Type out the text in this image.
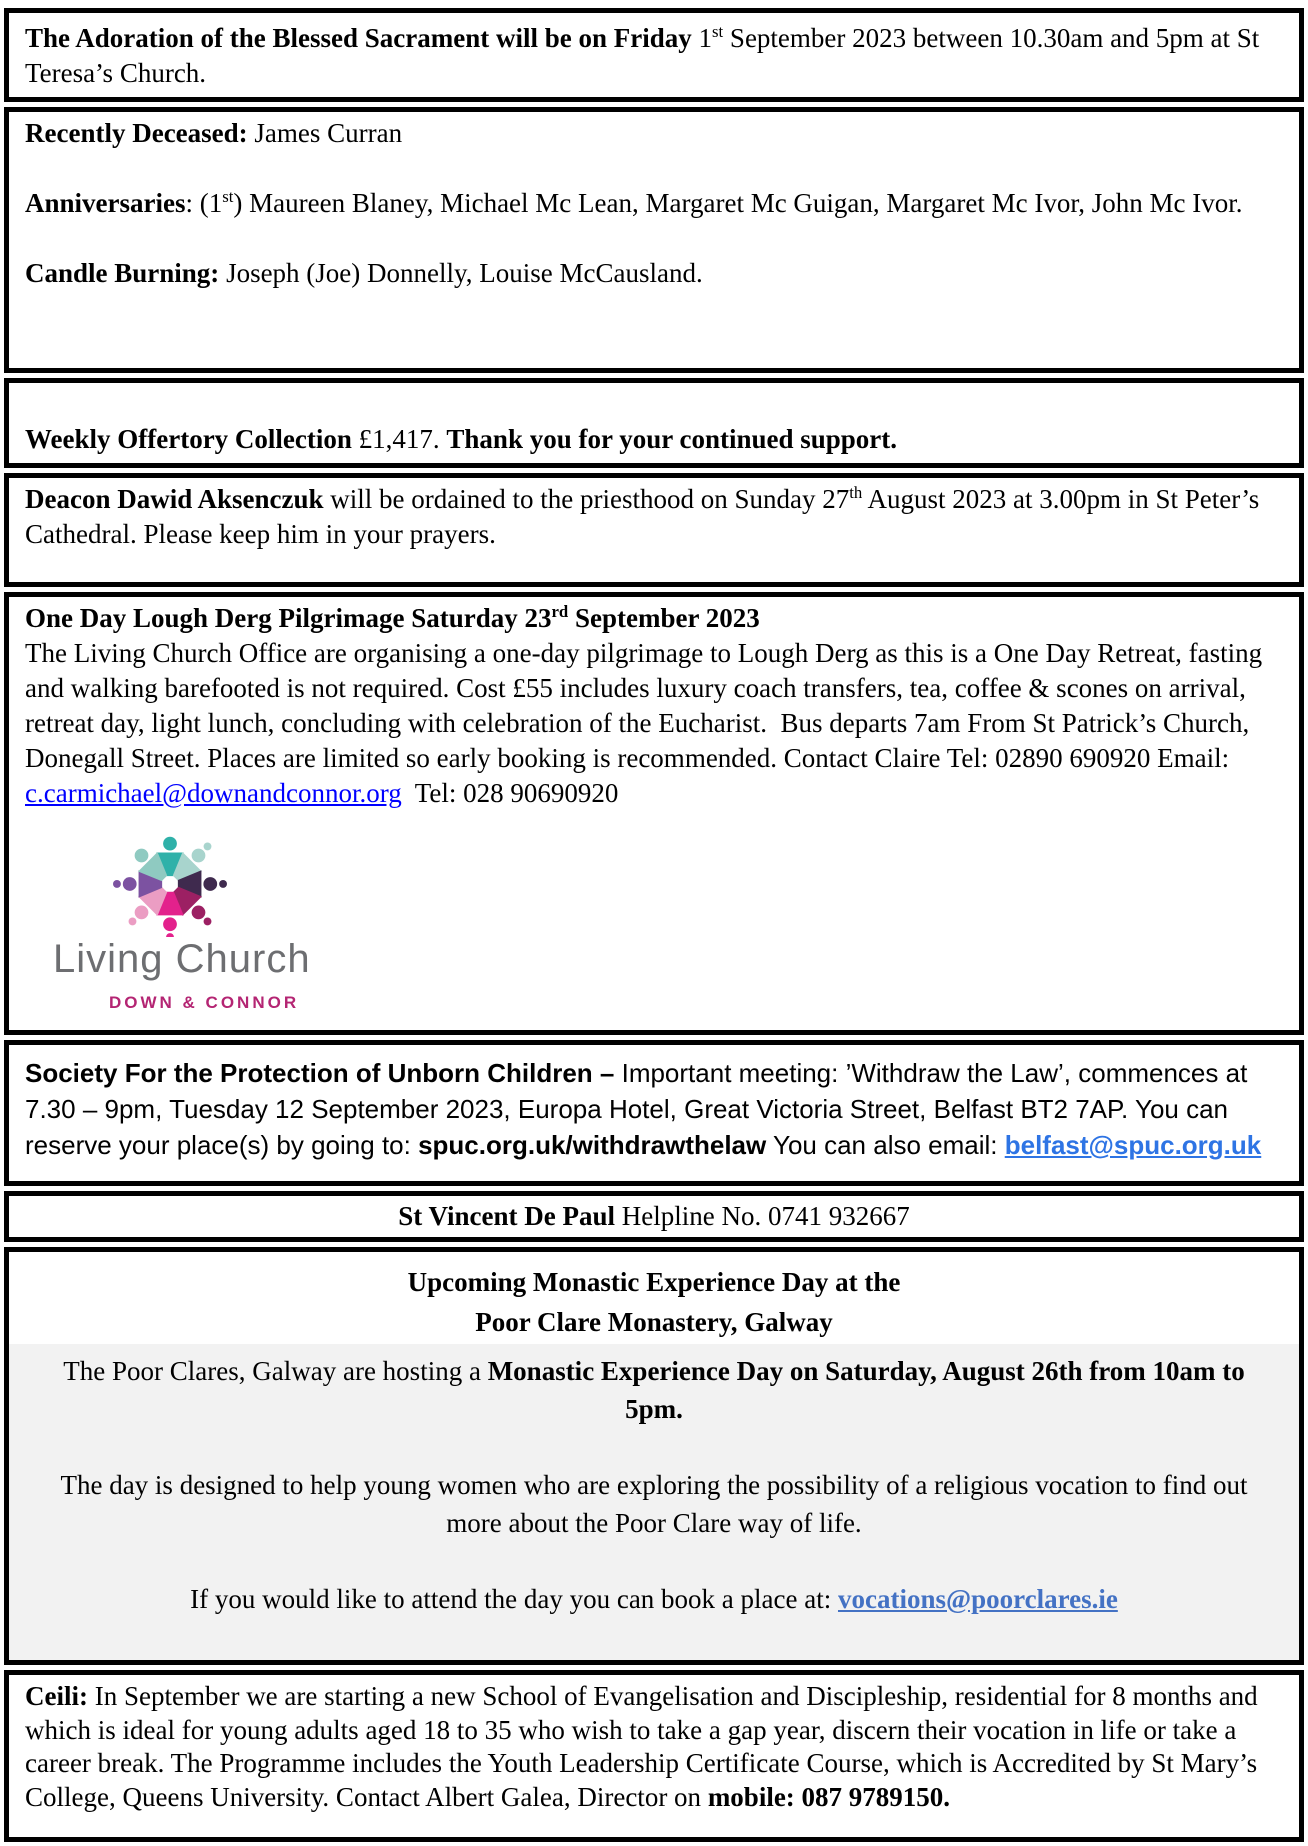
The Adoration of the Blessed Sacrament will be on Friday 1st September 2023 between 10.30am and 5pm at St Teresa’s Church.
Recently Deceased: James Curran

Anniversaries: (1st) Maureen Blaney, Michael Mc Lean, Margaret Mc Guigan, Margaret Mc Ivor, John Mc Ivor.

Candle Burning: Joseph (Joe) Donnelly, Louise McCausland.

Weekly Offertory Collection £1,417. Thank you for your continued support.
Deacon Dawid Aksenczuk will be ordained to the priesthood on Sunday 27th August 2023 at 3.00pm in St Peter’s Cathedral. Please keep him in your prayers.
One Day Lough Derg Pilgrimage Saturday 23rd September 2023
The Living Church Office are organising a one-day pilgrimage to Lough Derg as this is a One Day Retreat, fasting and walking barefooted is not required. Cost £55 includes luxury coach transfers, tea, coffee & scones on arrival, retreat day, light lunch, concluding with celebration of the Eucharist.  Bus departs 7am From St Patrick’s Church, Donegall Street. Places are limited so early booking is recommended. Contact Claire Tel: 02890 690920 Email: c.carmichael@downandconnor.org  Tel: 028 90690920
Living Church
DOWN & CONNOR
Society For the Protection of Unborn Children – Important meeting: ’Withdraw the Law’, commences at 7.30 – 9pm, Tuesday 12 September 2023, Europa Hotel, Great Victoria Street, Belfast BT2 7AP. You can reserve your place(s) by going to: spuc.org.uk/withdrawthelaw You can also email: belfast@spuc.org.uk
St Vincent De Paul Helpline No. 0741 932667
Upcoming Monastic Experience Day at the
Poor Clare Monastery, Galway
The Poor Clares, Galway are hosting a Monastic Experience Day on Saturday, August 26th from 10am to 5pm.

The day is designed to help young women who are exploring the possibility of a religious vocation to find out more about the Poor Clare way of life.

If you would like to attend the day you can book a place at: vocations@poorclares.ie
Ceili: In September we are starting a new School of Evangelisation and Discipleship, residential for 8 months and which is ideal for young adults aged 18 to 35 who wish to take a gap year, discern their vocation in life or take a career break. The Programme includes the Youth Leadership Certificate Course, which is Accredited by St Mary’s College, Queens University. Contact Albert Galea, Director on mobile: 087 9789150.
